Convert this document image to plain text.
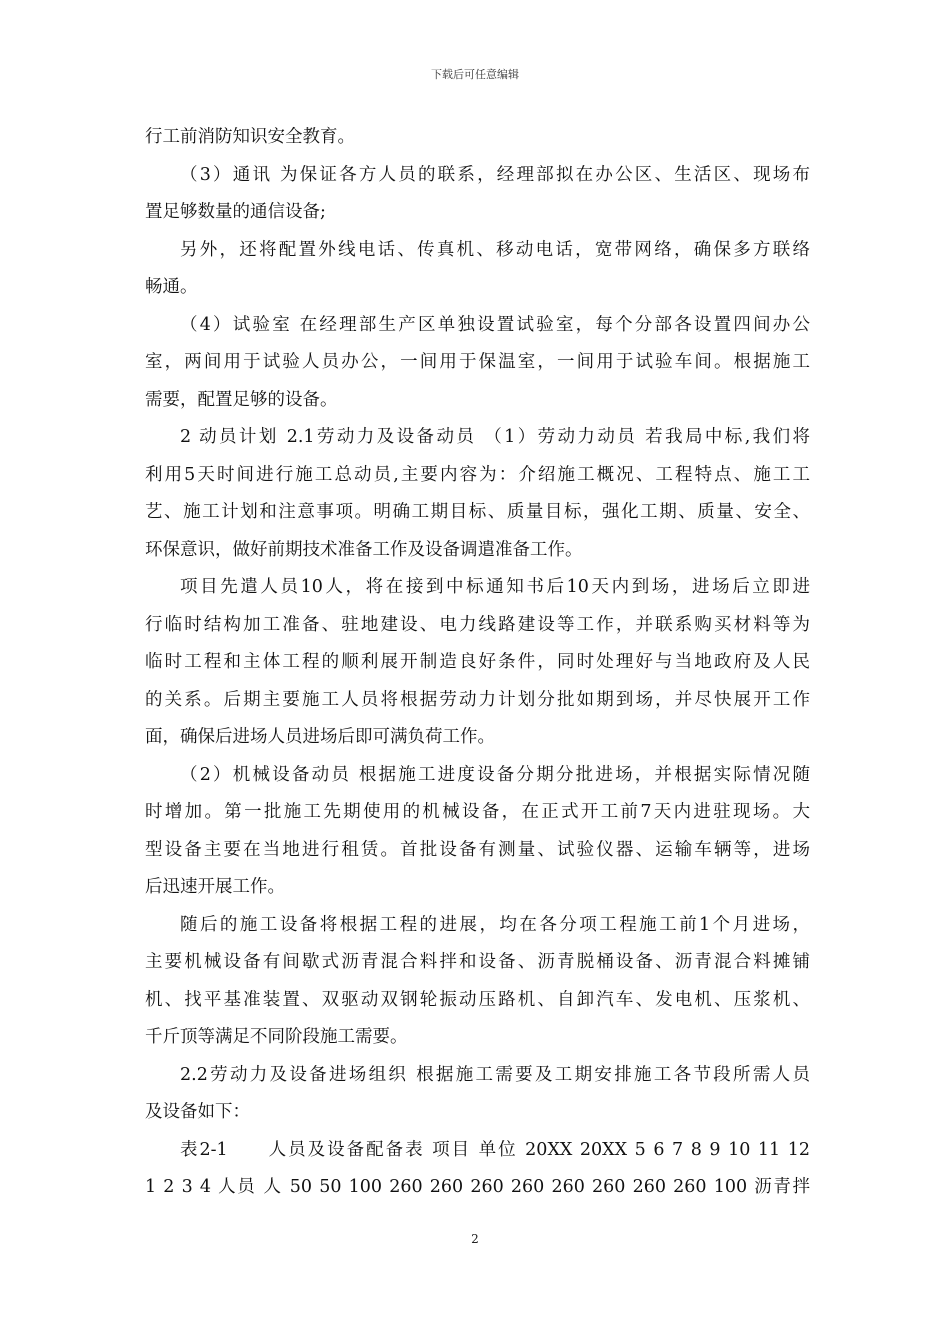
下载后可任意编辑
行工前消防知识安全教育。
（3）通讯 为保证各方人员的联系，经理部拟在办公区、生活区、现场布
置足够数量的通信设备;
另外，还将配置外线电话、传真机、移动电话，宽带网络，确保多方联络
畅通。
（4）试验室 在经理部生产区单独设置试验室，每个分部各设置四间办公
室，两间用于试验人员办公，一间用于保温室，一间用于试验车间。根据施工
需要，配置足够的设备。
2 动员计划 2.1劳动力及设备动员 （1）劳动力动员 若我局中标,我们将
利用5天时间进行施工总动员,主要内容为：介绍施工概况、工程特点、施工工
艺、施工计划和注意事项。明确工期目标、质量目标，强化工期、质量、安全、
环保意识，做好前期技术准备工作及设备调遣准备工作。
项目先遣人员10人，将在接到中标通知书后10天内到场，进场后立即进
行临时结构加工准备、驻地建设、电力线路建设等工作，并联系购买材料等为
临时工程和主体工程的顺利展开制造良好条件，同时处理好与当地政府及人民
的关系。后期主要施工人员将根据劳动力计划分批如期到场，并尽快展开工作
面，确保后进场人员进场后即可满负荷工作。
（2）机械设备动员 根据施工进度设备分期分批进场，并根据实际情况随
时增加。第一批施工先期使用的机械设备，在正式开工前7天内进驻现场。大
型设备主要在当地进行租赁。首批设备有测量、试验仪器、运输车辆等，进场
后迅速开展工作。
随后的施工设备将根据工程的进展，均在各分项工程施工前1个月进场，
主要机械设备有间歇式沥青混合料拌和设备、沥青脱桶设备、沥青混合料摊铺
机、找平基准装置、双驱动双钢轮振动压路机、自卸汽车、发电机、压浆机、
千斤顶等满足不同阶段施工需要。
2.2劳动力及设备进场组织 根据施工需要及工期安排施工各节段所需人员
及设备如下：
表2-1　　人员及设备配备表 项目 单位 20XX 20XX 5 6 7 8 9 10 11 12
1 2 3 4 人员 人 50 50 100 260 260 260 260 260 260 260 260 100 沥青拌
2
